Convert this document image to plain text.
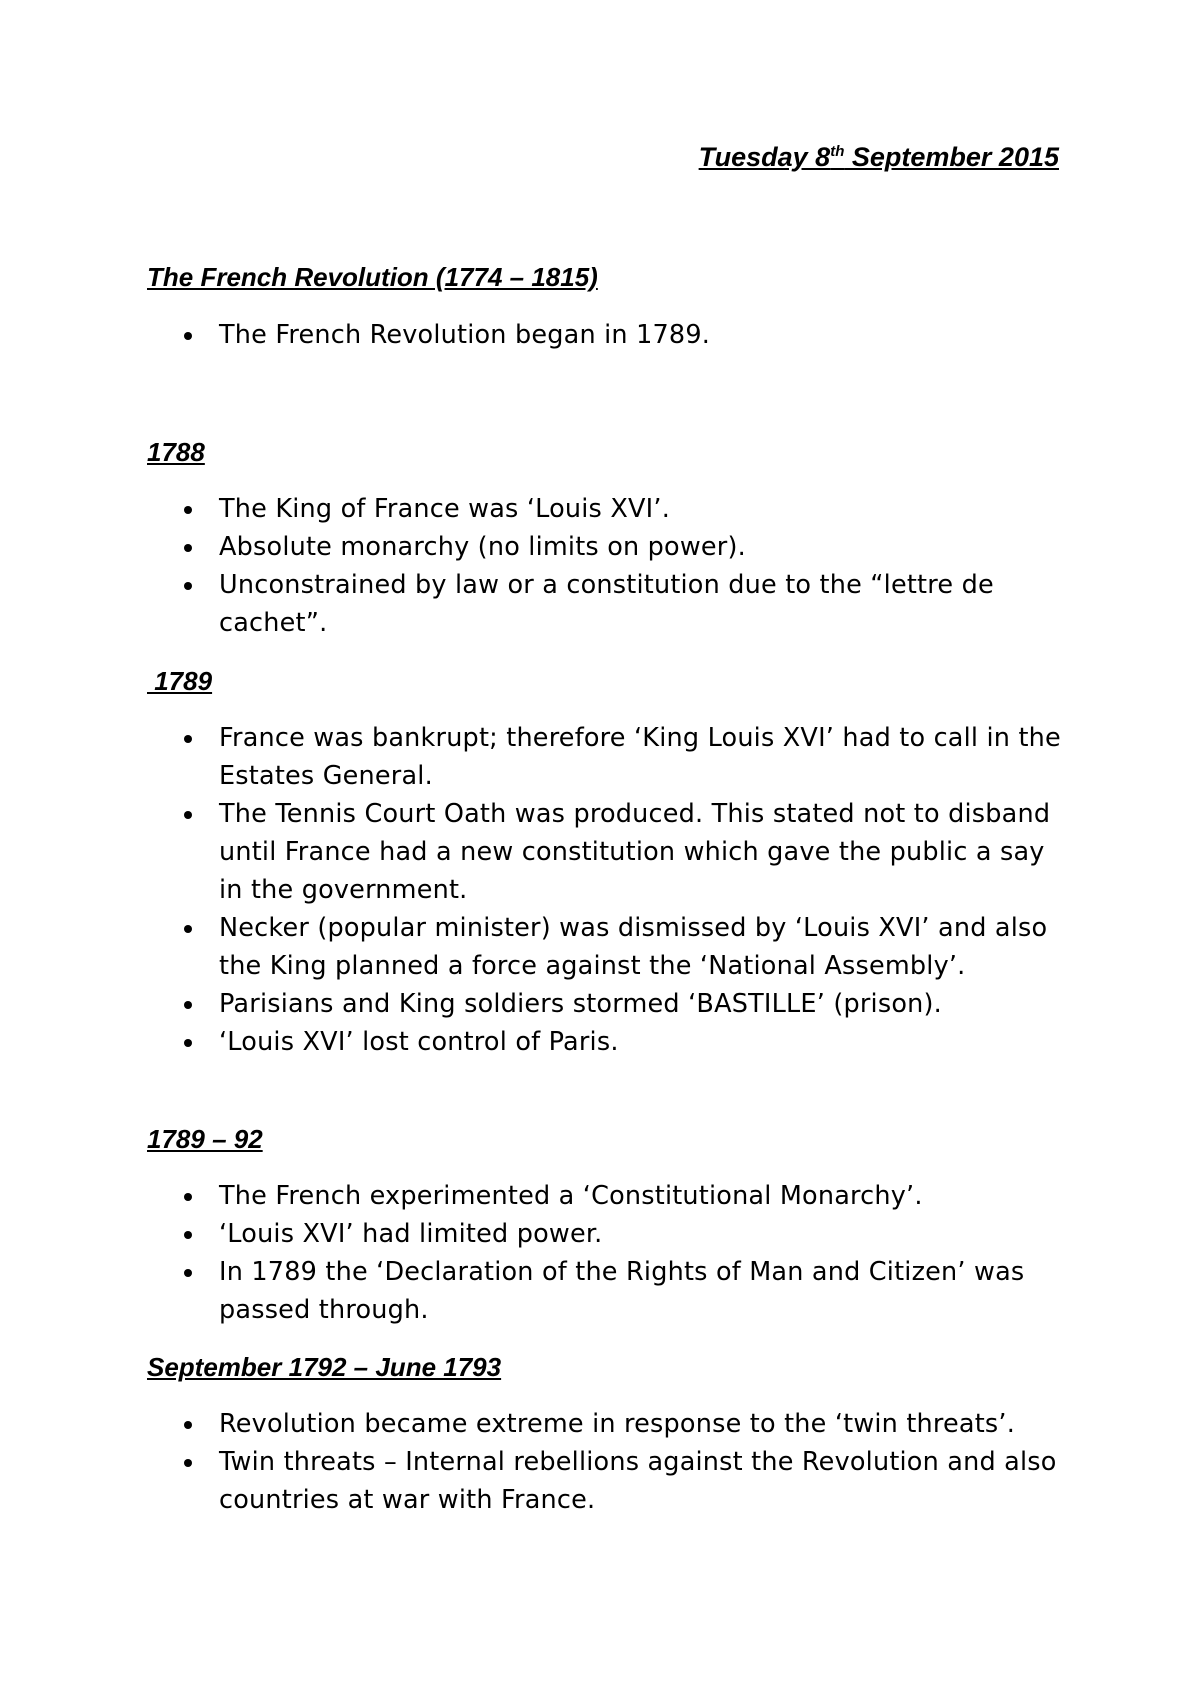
Tuesday 8th September 2015
The French Revolution (1774 – 1815)
The French Revolution began in 1789.
1788
The King of France was ‘Louis XVI’.
Absolute monarchy (no limits on power).
Unconstrained by law or a constitution due to the “lettre de cachet”.
1789
France was bankrupt; therefore ‘King Louis XVI’ had to call in the Estates General.
The Tennis Court Oath was produced. This stated not to disband until France had a new constitution which gave the public a say in the government.
Necker (popular minister) was dismissed by ‘Louis XVI’ and also the King planned a force against the ‘National Assembly’.
Parisians and King soldiers stormed ‘BASTILLE’ (prison).
‘Louis XVI’ lost control of Paris.
1789 – 92
The French experimented a ‘Constitutional Monarchy’.
‘Louis XVI’ had limited power.
In 1789 the ‘Declaration of the Rights of Man and Citizen’ was passed through.
September 1792 – June 1793
Revolution became extreme in response to the ‘twin threats’.
Twin threats – Internal rebellions against the Revolution and also countries at war with France.
